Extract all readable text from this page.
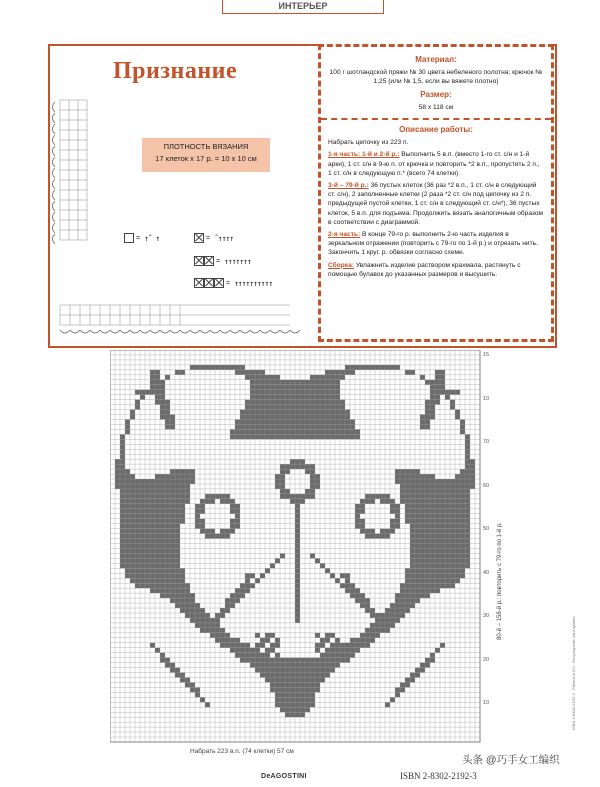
ИНТЕРЬЕР
Признание
ПЛОТНОСТЬ ВЯЗАНИЯ
17 клеток x 17 р. = 10 x 10 см
= ↑ˆ ↑	= ˆ↑↑↑↑
= ↑↑↑↑↑↑↑
= ↑↑↑↑↑↑↑↑↑↑
Материал:

100 г шотландской пряжи № 30 цвета небеленого полотна; крючок № 1,25 (или № 1,5, если вы вяжете плотно)

Размер:

58 x 118 см

Описание работы:

Набрать цепочку из 223 п.

1-я часть: 1-й и 2-й р.: Выполнить 5 в.п. (вместо 1-го ст. с/н и 1-й арки), 1 ст. с/н в 9-ю п. от крючка и повторить *2 в.п., пропустить 2 п., 1 ст. с/н в следующую п.* (всего 74 клетки).

3-й – 79-й р.: 36 пустых клеток (36 раз *2 в.п., 1 ст. с/н в следующий ст. с/н), 2 заполненные клетки (2 раза *2 ст. с/н под цепочку из 2 п. предыдущей пустой клетки, 1 ст. с/н в следующий ст. с/н*), 36 пустых клеток, 5 в.п. для подъема. Продолжить вязать аналогичным образом в соответствии с диаграммой.

2-я часть: В конце 79-го р. выполнить 2-ю часть изделия в зеркальном отражении (повторить с 79-го по 1-й р.) и отрезать нить. Закончить 1 круг. р. обвязки согласно схеме.

Сборка: Увлажнить изделие раствором крахмала, растянуть с помощью булавок до указанных размеров и высушить.

15
10
70
60
50
40
30
20
10
Набрать 223 в.п. (74 клетки) 57 см
80-й – 158-й р.: повторить с 79-го по 1-й р.
ISBN 2-8302-2192-3 · Printed in EU · Encyclopedic card system
DeAGOSTINI	ISBN 2-8302-2192-3
头条 @巧手女工编织
